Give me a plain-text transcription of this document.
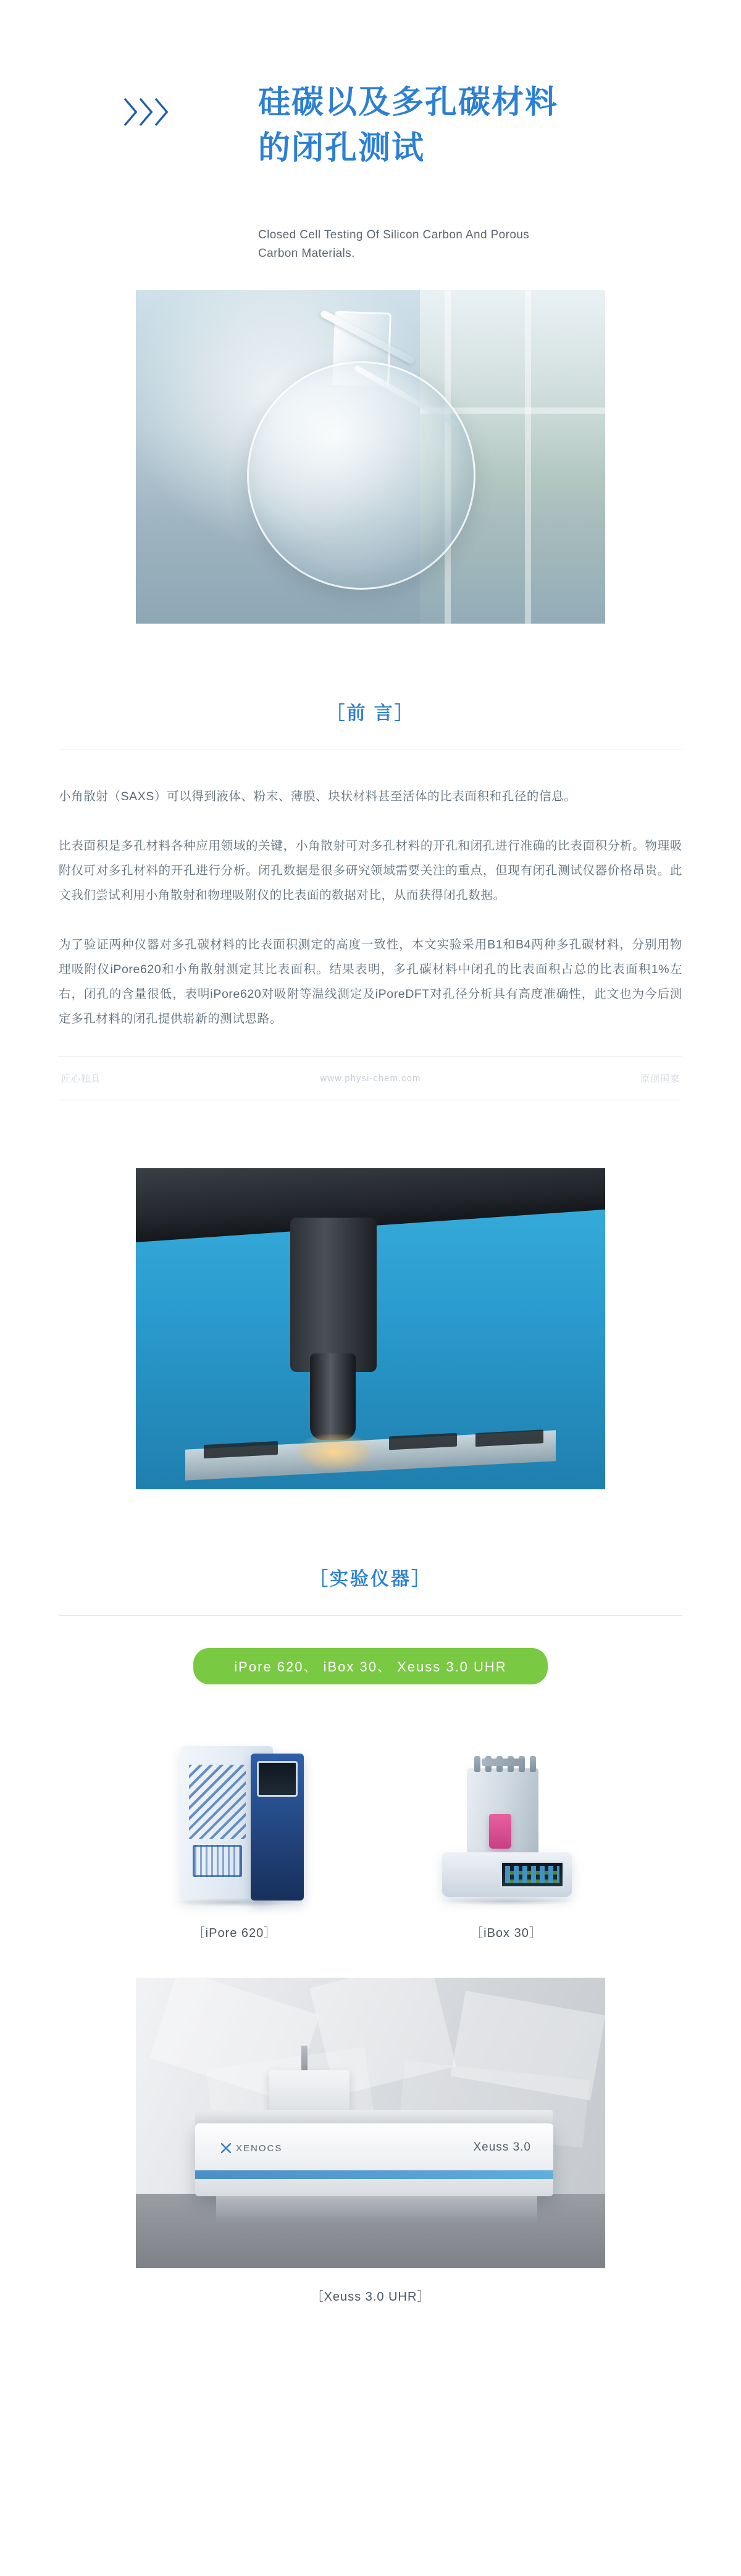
〉〉〉 硅碳以及多孔碳材料
的闭孔测试
Closed Cell Testing Of Silicon Carbon And Porous Carbon Materials.
［前 言］

小角散射（SAXS）可以得到液体、粉末、薄膜、块状材料甚至活体的比表面积和孔径的信息。

比表面积是多孔材料各种应用领域的关键，小角散射可对多孔材料的开孔和闭孔进行准确的比表面积分析。物理吸附仅可对多孔材料的开孔进行分析。闭孔数据是很多研究领域需要关注的重点，但现有闭孔测试仪器价格昂贵。此文我们尝试利用小角散射和物理吸附仪的比表面的数据对比，从而获得闭孔数据。

为了验证两种仪器对多孔碳材料的比表面积测定的高度一致性，本文实验采用B1和B4两种多孔碳材料，分别用物理吸附仪iPore620和小角散射测定其比表面积。结果表明，多孔碳材料中闭孔的比表面积占总的比表面积1%左右，闭孔的含量很低，表明iPore620对吸附等温线测定及iPoreDFT对孔径分析具有高度准确性，此文也为今后测定多孔材料的闭孔提供崭新的测试思路。

匠心独具	www.physi-chem.com	原创国家
［实验仪器］
iPore 620、 iBox 30、 Xeuss 3.0 UHR
［iPore 620］	［iBox 30］
XENOCS	Xeuss 3.0
［Xeuss 3.0 UHR］
